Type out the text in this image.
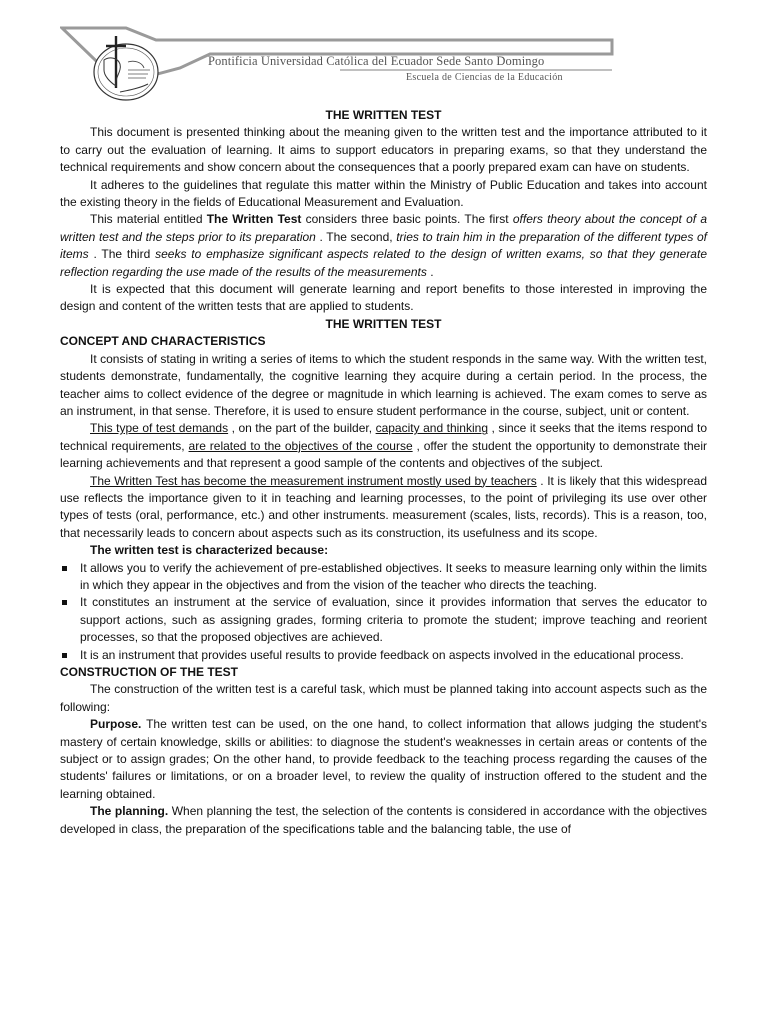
Pontificia Universidad Católica del Ecuador Sede Santo Domingo
Escuela de Ciencias de la Educación

THE WRITTEN TEST

This document is presented thinking about the meaning given to the written test and the importance attributed to it to carry out the evaluation of learning. It aims to support educators in preparing exams, so that they understand the technical requirements and show concern about the consequences that a poorly prepared exam can have on students.

It adheres to the guidelines that regulate this matter within the Ministry of Public Education and takes into account the existing theory in the fields of Educational Measurement and Evaluation.

This material entitled The Written Test considers three basic points. The first offers theory about the concept of a written test and the steps prior to its preparation . The second, tries to train him in the preparation of the different types of items . The third seeks to emphasize significant aspects related to the design of written exams, so that they generate reflection regarding the use made of the results of the measurements .

It is expected that this document will generate learning and report benefits to those interested in improving the design and content of the written tests that are applied to students.

THE WRITTEN TEST

CONCEPT AND CHARACTERISTICS

It consists of stating in writing a series of items to which the student responds in the same way. With the written test, students demonstrate, fundamentally, the cognitive learning they acquire during a certain period. In the process, the teacher aims to collect evidence of the degree or magnitude in which learning is achieved. The exam comes to serve as an instrument, in that sense. Therefore, it is used to ensure student performance in the course, subject, unit or content.

This type of test demands , on the part of the builder, capacity and thinking , since it seeks that the items respond to technical requirements, are related to the objectives of the course , offer the student the opportunity to demonstrate their learning achievements and that represent a good sample of the contents and objectives of the subject.

The Written Test has become the measurement instrument mostly used by teachers . It is likely that this widespread use reflects the importance given to it in teaching and learning processes, to the point of privileging its use over other types of tests (oral, performance, etc.) and other instruments. measurement (scales, lists, records). This is a reason, too, that necessarily leads to concern about aspects such as its construction, its usefulness and its scope.

The written test is characterized because:

It allows you to verify the achievement of pre-established objectives. It seeks to measure learning only within the limits in which they appear in the objectives and from the vision of the teacher who directs the teaching.
It constitutes an instrument at the service of evaluation, since it provides information that serves the educator to support actions, such as assigning grades, forming criteria to promote the student; improve teaching and reorient processes, so that the proposed objectives are achieved.
It is an instrument that provides useful results to provide feedback on aspects involved in the educational process.

CONSTRUCTION OF THE TEST

The construction of the written test is a careful task, which must be planned taking into account aspects such as the following:

Purpose. The written test can be used, on the one hand, to collect information that allows judging the student's mastery of certain knowledge, skills or abilities: to diagnose the student's weaknesses in certain areas or contents of the subject or to assign grades; On the other hand, to provide feedback to the teaching process regarding the causes of the students' failures or limitations, or on a broader level, to review the quality of instruction offered to the student and the learning obtained.

The planning. When planning the test, the selection of the contents is considered in accordance with the objectives developed in class, the preparation of the specifications table and the balancing table, the use of
